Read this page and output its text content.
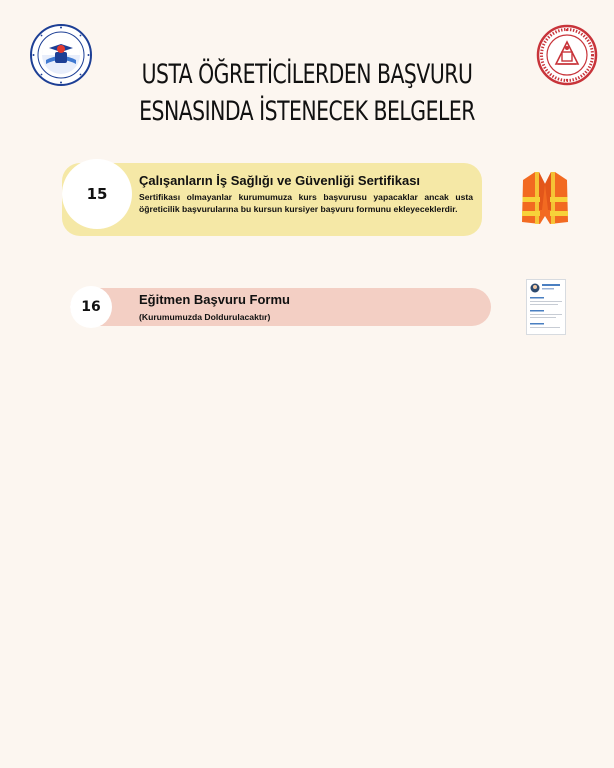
USTA ÖĞRETİCİLERDEN BAŞVURU
ESNASINDA İSTENECEK BELGELER
15
Çalışanların İş Sağlığı ve Güvenliği Sertifikası
Sertifikası olmayanlar kurumumuza kurs başvurusu yapacaklar ancak usta öğreticilik başvurularına bu kursun kursiyer başvuru formunu ekleyeceklerdir.
16	Eğitmen Başvuru Formu
(Kurumumuzda Doldurulacaktır)
